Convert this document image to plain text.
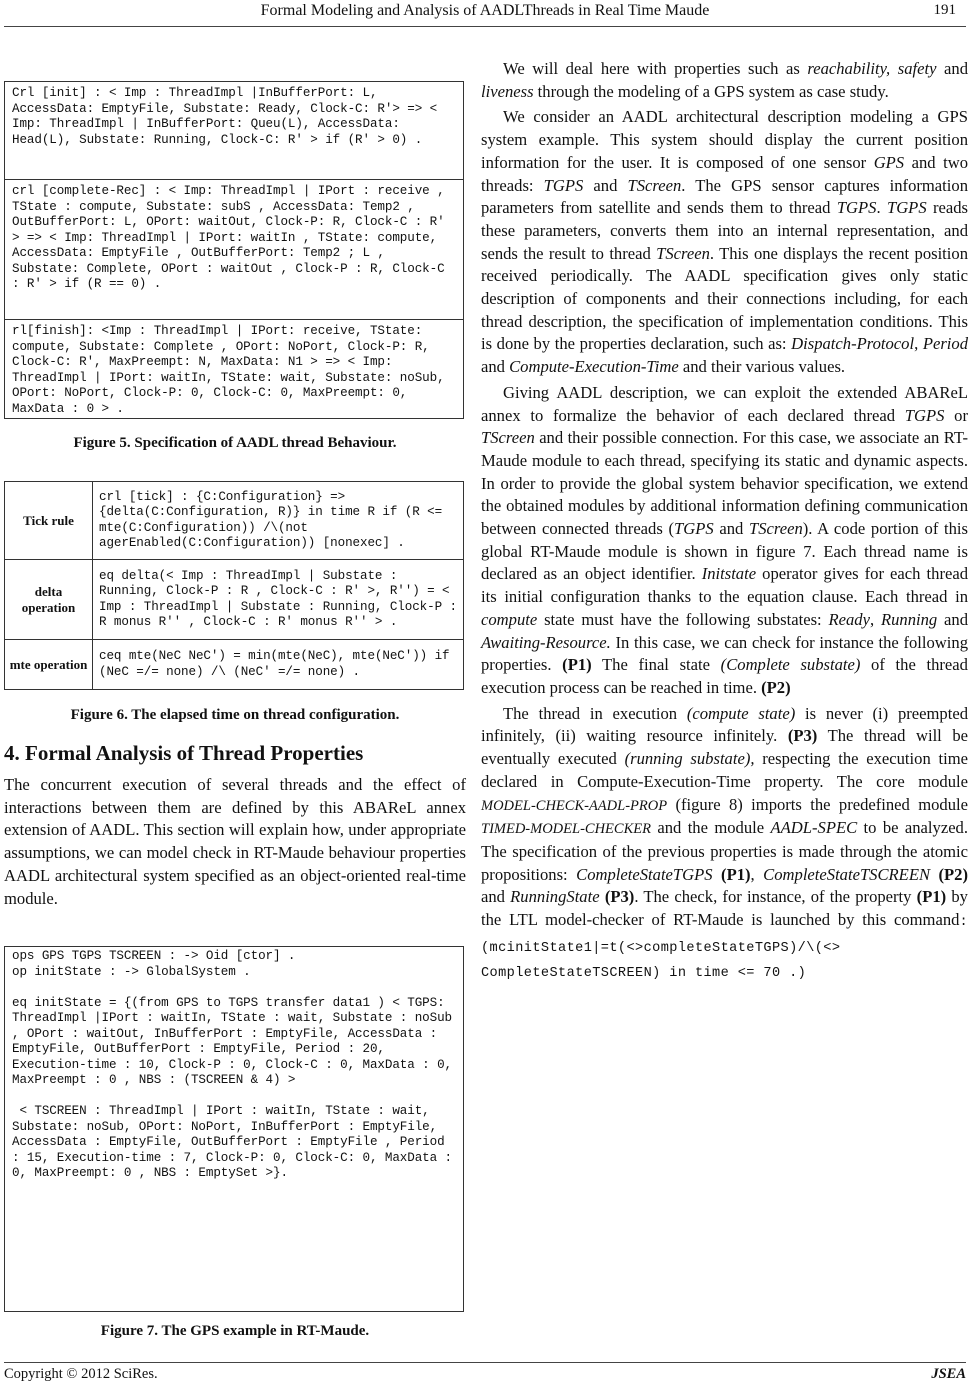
Formal Modeling and Analysis of AADLThreads in Real Time Maude	191
Crl [init] : < Imp : ThreadImpl |InBufferPort: L, AccessData: EmptyFile, Substate: Ready, Clock-C: R'> => < Imp: ThreadImpl | InBufferPort: Queu(L), AccessData: Head(L), Substate: Running, Clock-C: R' > if (R' > 0) .
crl [complete-Rec] : < Imp: ThreadImpl | IPort : receive , TState : compute, Substate: subS , AccessData: Temp2 , OutBufferPort: L, OPort: waitOut, Clock-P: R, Clock-C : R' > => < Imp: ThreadImpl | IPort: waitIn , TState: compute, AccessData: EmptyFile , OutBufferPort: Temp2 ; L , Substate: Complete, OPort : waitOut , Clock-P : R, Clock-C : R' > if (R == 0) .
rl[finish]: <Imp : ThreadImpl | IPort: receive, TState: compute, Substate: Complete , OPort: NoPort, Clock-P: R, Clock-C: R', MaxPreempt: N, MaxData: N1 > => < Imp: ThreadImpl | IPort: waitIn, TState: wait, Substate: noSub, OPort: NoPort, Clock-P: 0, Clock-C: 0, MaxPreempt: 0, MaxData : 0 > .
Figure 5. Specification of AADL thread Behaviour.
Tick rule	crl [tick] : {C:Configuration} => {delta(C:Configuration, R)} in time R if (R <= mte(C:Configuration)) /\(not agerEnabled(C:Configuration)) [nonexec] .
delta operation	eq delta(< Imp : ThreadImpl | Substate : Running, Clock-P : R , Clock-C : R' >, R'') = < Imp : ThreadImpl | Substate : Running, Clock-P : R monus R'' , Clock-C : R' monus R'' > .
mte operation	ceq mte(NeC NeC') = min(mte(NeC), mte(NeC')) if (NeC =/= none) /\ (NeC' =/= none) .
Figure 6. The elapsed time on thread configuration.
4. Formal Analysis of Thread Properties

The concurrent execution of several threads and the effect of interactions between them are defined by this ABAReL annex extension of AADL. This section will explain how, under appropriate assumptions, we can model check in RT-Maude behaviour properties AADL architectural system specified as an object-oriented real-time module.

ops GPS TGPS TSCREEN : -> Oid [ctor] .
op initState : -> GlobalSystem .

eq initState = {(from GPS to TGPS transfer data1 ) < TGPS: ThreadImpl |IPort : waitIn, TState : wait, Substate : noSub , OPort : waitOut, InBufferPort : EmptyFile, AccessData : EmptyFile, OutBufferPort : EmptyFile, Period : 20, Execution-time : 10, Clock-P : 0, Clock-C : 0, MaxData : 0, MaxPreempt : 0 , NBS : (TSCREEN & 4) >

< TSCREEN : ThreadImpl | IPort : waitIn, TState : wait, Substate: noSub, OPort: NoPort, InBufferPort : EmptyFile, AccessData : EmptyFile, OutBufferPort : EmptyFile , Period : 15, Execution-time : 7, Clock-P: 0, Clock-C: 0, MaxData : 0, MaxPreempt: 0 , NBS : EmptySet >}.
Figure 7. The GPS example in RT-Maude.

We will deal here with properties such as reachability, safety and liveness through the modeling of a GPS system as case study.

We consider an AADL architectural description modeling a GPS system example. This system should display the current position information for the user. It is composed of one sensor GPS and two threads: TGPS and TScreen. The GPS sensor captures information parameters from satellite and sends them to thread TGPS. TGPS reads these parameters, converts them into an internal representation, and sends the result to thread TScreen. This one displays the recent position received periodically. The AADL specification gives only static description of components and their connections including, for each thread description, the specification of implementation conditions. This is done by the properties declaration, such as: Dispatch-Protocol, Period and Compute-Execution-Time and their various values.

Giving AADL description, we can exploit the extended ABAReL annex to formalize the behavior of each declared thread TGPS or TScreen and their possible connection. For this case, we associate an RT-Maude module to each thread, specifying its static and dynamic aspects. In order to provide the global system behavior specification, we extend the obtained modules by additional information defining communication between connected threads (TGPS and TScreen). A code portion of this global RT-Maude module is shown in figure 7. Each thread name is declared as an object identifier. Initstate operator gives for each thread its initial configuration thanks to the equation clause. Each thread in compute state must have the following substates: Ready, Running and Awaiting-Resource. In this case, we can check for instance the following properties. (P1) The final state (Complete substate) of the thread execution process can be reached in time. (P2)

The thread in execution (compute state) is never (i) preempted infinitely, (ii) waiting resource infinitely. (P3) The thread will be eventually executed (running substate), respecting the execution time declared in Compute-Execution-Time property. The core module MODEL-CHECK-AADL-PROP (figure 8) imports the predefined module TIMED-MODEL-CHECKER and the module AADL-SPEC to be analyzed. The specification of the previous properties is made through the atomic propositions: CompleteStateTGPS (P1), CompleteStateTSCREEN (P2) and RunningState (P3). The check, for instance, of the property (P1) by the LTL model-checker of RT-Maude is launched by this command: (mcinitState1|=t(<>completeStateTGPS)/\(<> CompleteStateTSCREEN) in time <= 70 .)

Copyright © 2012 SciRes.	JSEA
